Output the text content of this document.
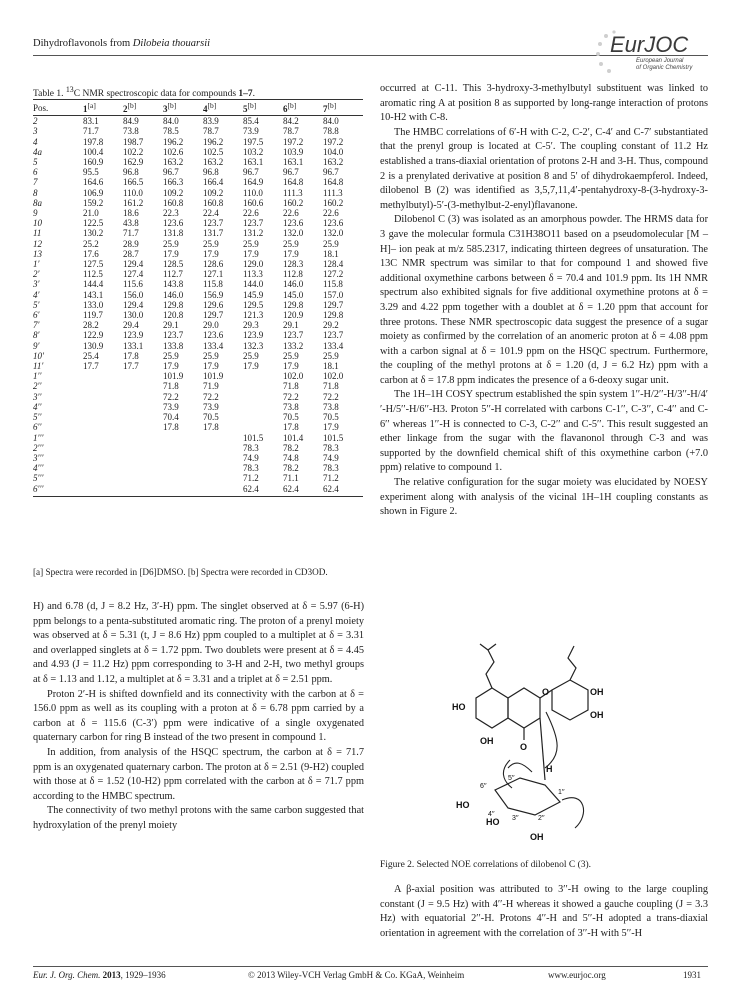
Dihydroflavonols from Dilobeia thouarsii	EurJOC
European Journal
of Organic Chemistry
Table 1. $^{13}$C NMR spectroscopic data for compounds 1–7.
Pos.	1[a]	2[b]	3[b]	4[b]	5[b]	6[b]	7[b]
2	83.1	84.9	84.0	83.9	85.4	84.2	84.0
3	71.7	73.8	78.5	78.7	73.9	78.7	78.8
4	197.8	198.7	196.2	196.2	197.5	197.2	197.2
4a	100.4	102.2	102.6	102.5	103.2	103.9	104.0
5	160.9	162.9	163.2	163.2	163.1	163.1	163.2
6	95.5	96.8	96.7	96.8	96.7	96.7	96.7
7	164.6	166.5	166.3	166.4	164.9	164.8	164.8
8	106.9	110.0	109.2	109.2	110.0	111.3	111.3
8a	159.2	161.2	160.8	160.8	160.6	160.2	160.2
9	21.0	18.6	22.3	22.4	22.6	22.6	22.6
10	122.5	43.8	123.6	123.7	123.7	123.6	123.6
11	130.2	71.7	131.8	131.7	131.2	132.0	132.0
12	25.2	28.9	25.9	25.9	25.9	25.9	25.9
13	17.6	28.7	17.9	17.9	17.9	17.9	18.1
1′	127.5	129.4	128.5	128.6	129.0	128.3	128.4
2′	112.5	127.4	112.7	127.1	113.3	112.8	127.2
3′	144.4	115.6	143.8	115.8	144.0	146.0	115.8
4′	143.1	156.0	146.0	156.9	145.9	145.0	157.0
5′	133.0	129.4	129.8	129.6	129.5	129.8	129.7
6′	119.7	130.0	120.8	129.7	121.3	120.9	129.8
7′	28.2	29.4	29.1	29.0	29.3	29.1	29.2
8′	122.9	123.9	123.7	123.6	123.9	123.7	123.7
9′	130.9	133.1	133.8	133.4	132.3	133.2	133.4
10′	25.4	17.8	25.9	25.9	25.9	25.9	25.9
11′	17.7	17.7	17.9	17.9	17.9	17.9	18.1
1′′			101.9	101.9		102.0	102.0
2′′			71.8	71.9		71.8	71.8
3′′			72.2	72.2		72.2	72.2
4′′			73.9	73.9		73.8	73.8
5′′			70.4	70.5		70.5	70.5
6′′			17.8	17.8		17.8	17.9
1′′′					101.5	101.4	101.5
2′′′					78.3	78.2	78.3
3′′′					74.9	74.8	74.9
4′′′					78.3	78.2	78.3
5′′′					71.2	71.1	71.2
6′′′					62.4	62.4	62.4
[a] Spectra were recorded in [D6]DMSO. [b] Spectra were recorded in CD3OD.

H) and 6.78 (d, J = 8.2 Hz, 3′-H) ppm. The singlet observed at δ = 5.97 (6-H) ppm belongs to a penta-substituted aromatic ring. The proton of a prenyl moiety was observed at δ = 5.31 (t, J = 8.6 Hz) ppm coupled to a multiplet at δ = 3.31 and overlapped singlets at δ = 1.72 ppm. Two doublets were present at δ = 4.45 and 4.93 (J = 11.2 Hz) ppm corresponding to 3-H and 2-H, two methyl groups at δ = 1.13 and 1.12, a multiplet at δ = 3.31 and a triplet at δ = 2.51 ppm.

Proton 2′-H is shifted downfield and its connectivity with the carbon at δ = 156.0 ppm as well as its coupling with a proton at δ = 6.78 ppm carried by a carbon at δ = 115.6 (C-3′) ppm were indicative of a single oxygenated quaternary carbon for ring B instead of the two present in compound 1.

In addition, from analysis of the HSQC spectrum, the carbon at δ = 71.7 ppm is an oxygenated quaternary carbon. The proton at δ = 2.51 (9-H2) coupled with those at δ = 1.52 (10-H2) ppm correlated with the carbon at δ = 71.7 ppm according to the HMBC spectrum.

The connectivity of two methyl protons with the same carbon suggested that hydroxylation of the prenyl moiety

occurred at C-11. This 3-hydroxy-3-methylbutyl substituent was linked to aromatic ring A at position 8 as supported by long-range interaction of protons 10-H2 with C-8.

The HMBC correlations of 6′-H with C-2, C-2′, C-4′ and C-7′ substantiated that the prenyl group is located at C-5′. The coupling constant of 11.2 Hz established a trans-diaxial orientation of protons 2-H and 3-H. Thus, compound 2 is a prenylated derivative at position 8 and 5′ of dihydrokaempferol. Indeed, dilobenol B (2) was identified as 3,5,7,11,4′-pentahydroxy-8-(3-hydroxy-3-methylbutyl)-5′-(3-methylbut-2-enyl)flavanone.

Dilobenol C (3) was isolated as an amorphous powder. The HRMS data for 3 gave the molecular formula C31H38O11 based on a pseudomolecular [M – H]– ion peak at m/z 585.2317, indicating thirteen degrees of unsaturation. The 13C NMR spectrum was similar to that for compound 1 and showed five additional oxymethine carbons between δ = 70.4 and 101.9 ppm. Its 1H NMR spectrum also exhibited signals for five additional oxymethine protons at δ = 3.29 and 4.22 ppm together with a doublet at δ = 1.20 ppm that account for three protons. These NMR spectroscopic data suggest the presence of a sugar moiety as confirmed by the correlation of an anomeric proton at δ = 4.08 ppm with a carbon signal at δ = 101.9 ppm on the HSQC spectrum. Furthermore, the coupling of the methyl protons at δ = 1.20 (d, J = 6.2 Hz) ppm with a carbon at δ = 17.8 ppm indicates the presence of a 6-deoxy sugar unit.

The 1H–1H COSY spectrum established the spin system 1′′-H/2′′-H/3′′-H/4′′-H/5′′-H/6′′-H3. Proton 5′′-H correlated with carbons C-1′′, C-3′′, C-4′′ and C-6′′ whereas 1′′-H is connected to C-3, C-2′′ and C-5′′. This result suggested an ether linkage from the sugar with the flavanonol through C-3 and was supported by the downfield chemical shift of this oxymethine carbon (+7.0 ppm) relative to compound 1.

The relative configuration for the sugar moiety was elucidated by NOESY experiment along with analysis of the vicinal 1H–1H coupling constants as shown in Figure 2.

HO
OH
OH
OH
O
O
H
HO
HO
OH
6′′
5′′
4′′
3′′	2′′
1′′
Figure 2. Selected NOE correlations of dilobenol C (3).

A β-axial position was attributed to 3′′-H owing to the large coupling constant (J = 9.5 Hz) with 4′′-H whereas it showed a gauche coupling (J = 3.3 Hz) with equatorial 2′′-H. Protons 4′′-H and 5′′-H adopted a trans-diaxial orientation in agreement with the correlation of 3′′-H with 5′′-H

Eur. J. Org. Chem. 2013, 1929–1936	© 2013 Wiley-VCH Verlag GmbH & Co. KGaA, Weinheim	www.eurjoc.org	1931
